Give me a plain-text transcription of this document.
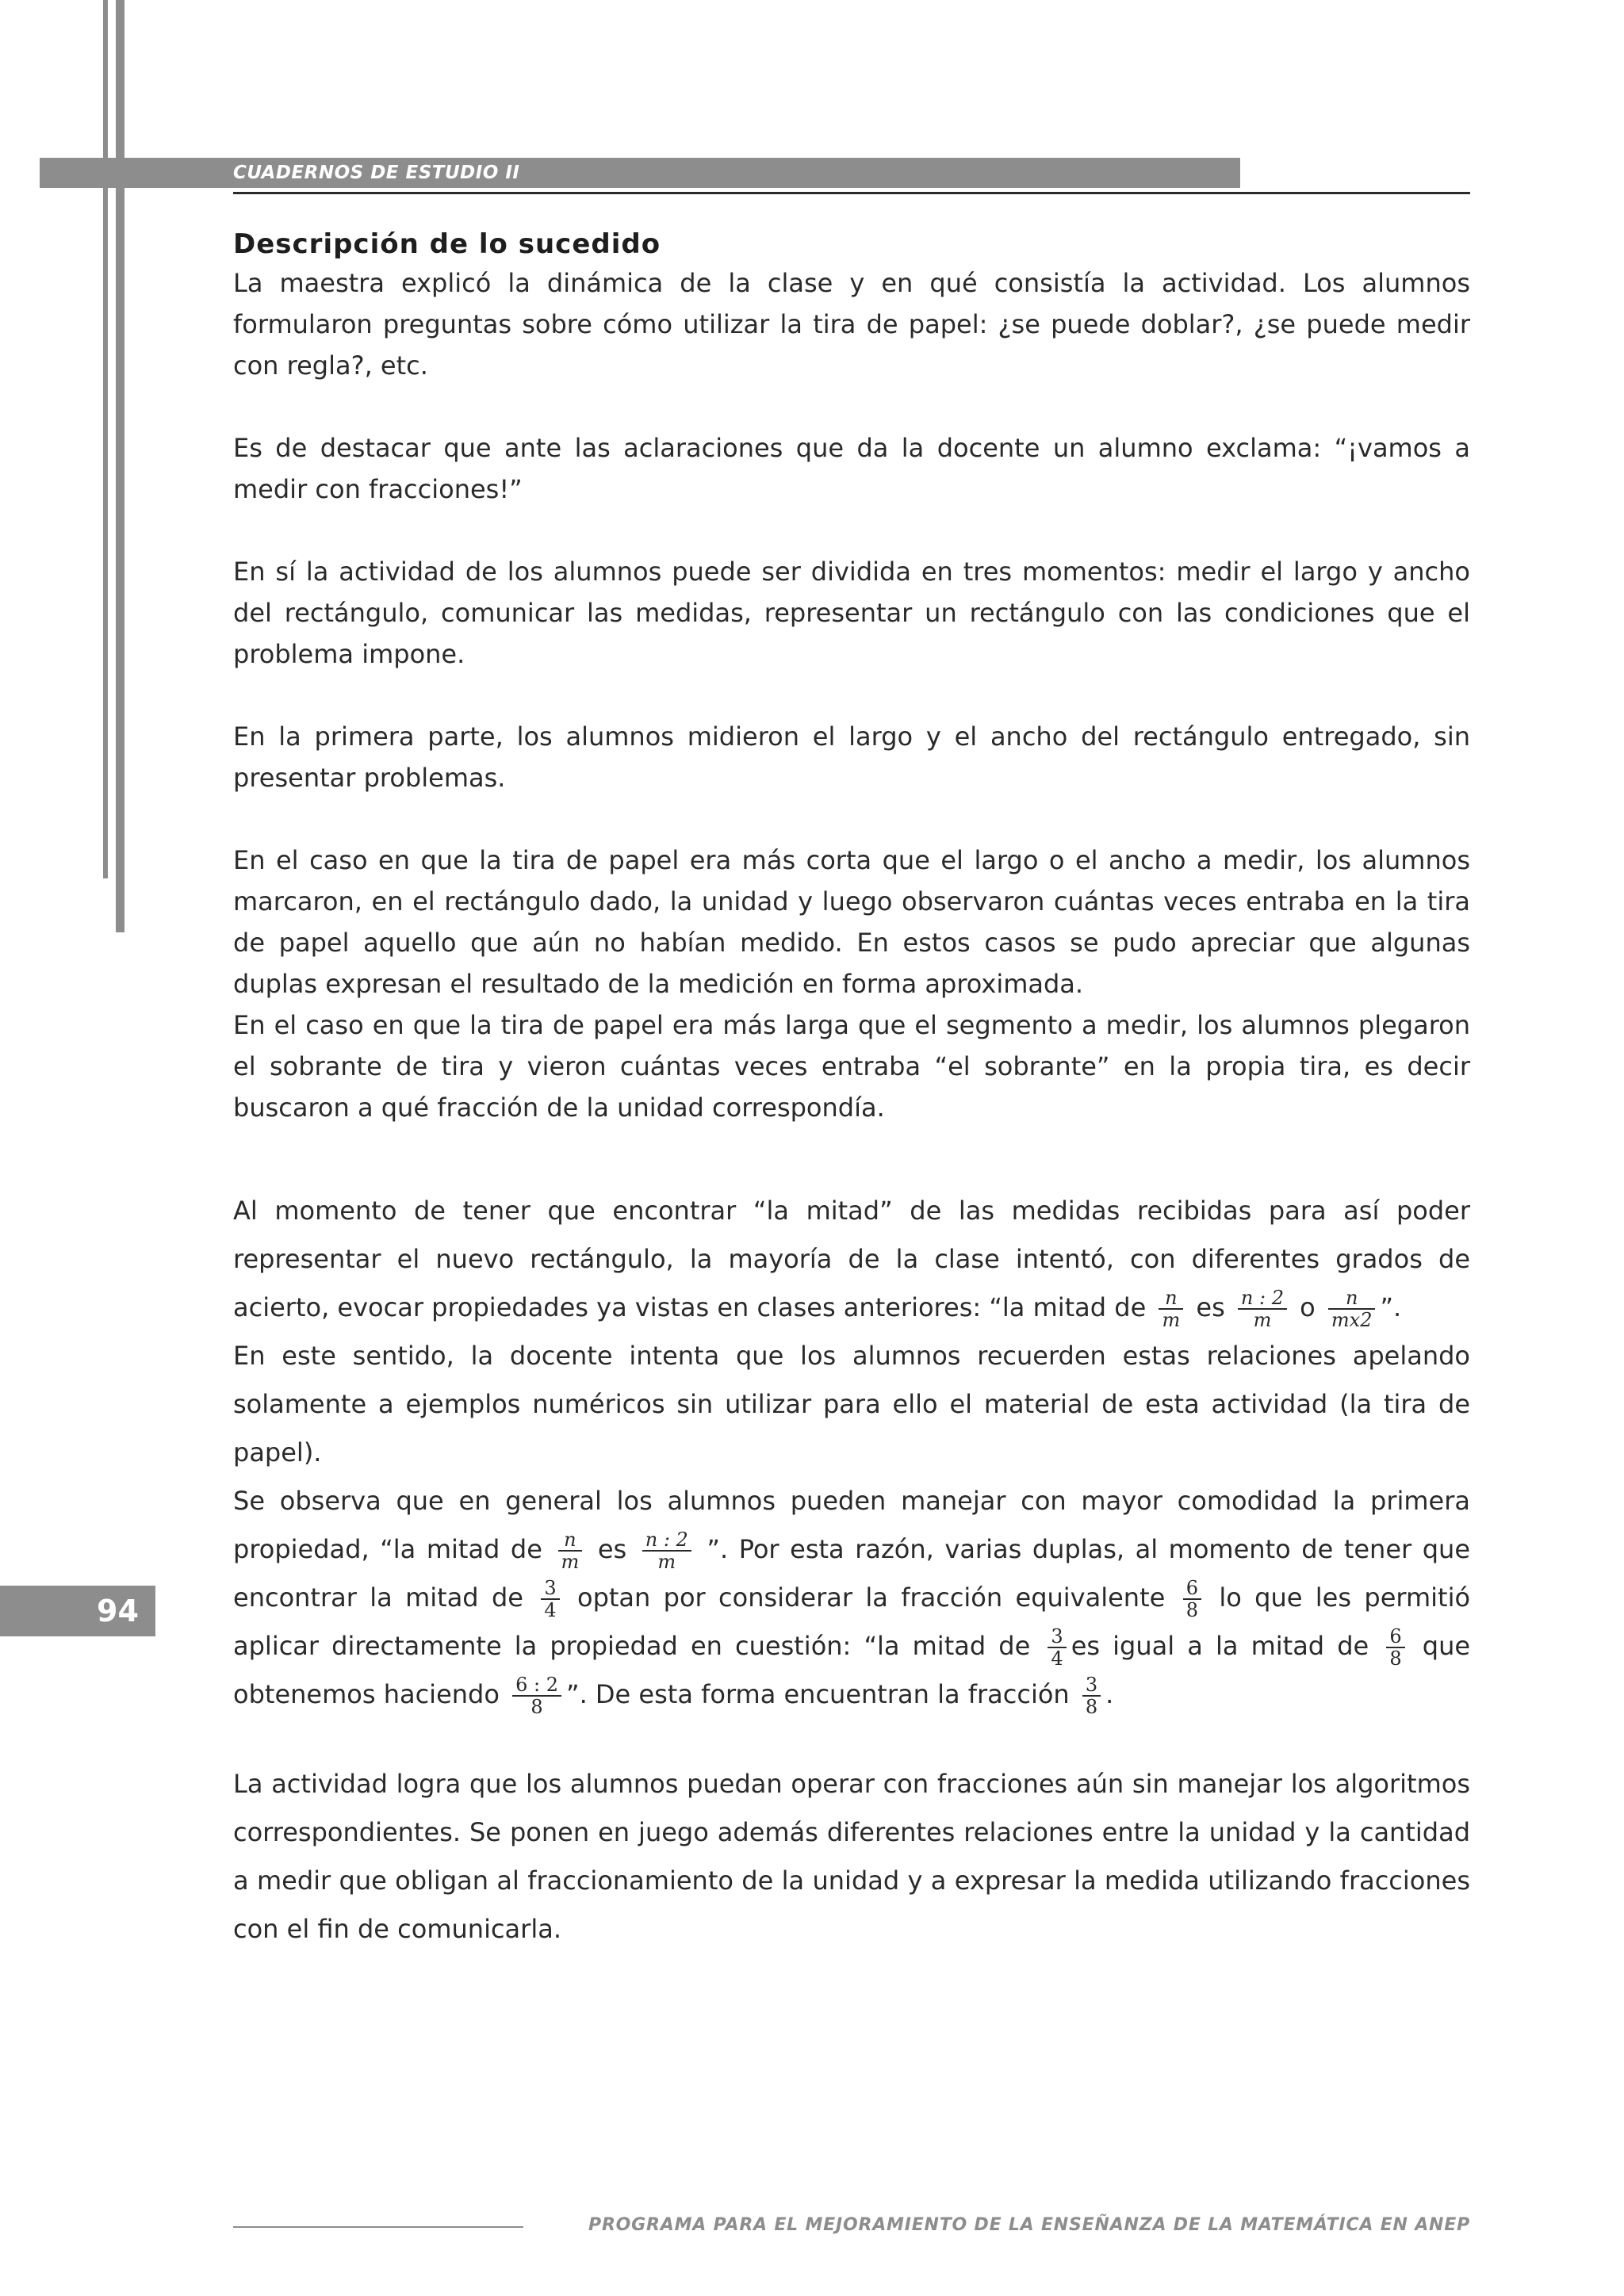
CUADERNOS DE ESTUDIO II
94
Descripción de lo sucedido

La maestra explicó la dinámica de la clase y en qué consistía la actividad. Los alumnos formularon preguntas sobre cómo utilizar la tira de papel: ¿se puede doblar?, ¿se puede medir con regla?, etc.

Es de destacar que ante las aclaraciones que da la docente un alumno exclama: “¡vamos a medir con fracciones!”

En sí la actividad de los alumnos puede ser dividida en tres momentos: medir el largo y ancho del rectángulo, comunicar las medidas, representar un rectángulo con las condiciones que el problema impone.

En la primera parte, los alumnos midieron el largo y el ancho del rectángulo entregado, sin presentar problemas.

En el caso en que la tira de papel era más corta que el largo o el ancho a medir, los alumnos marcaron, en el rectángulo dado, la unidad y luego observaron cuántas veces entraba en la tira de papel aquello que aún no habían medido. En estos casos se pudo apreciar que algunas duplas expresan el resultado de la medición en forma aproximada.

En el caso en que la tira de papel era más larga que el segmento a medir, los alumnos plegaron el sobrante de tira y vieron cuántas veces entraba “el sobrante” en la propia tira, es decir buscaron a qué fracción de la unidad correspondía.

Al momento de tener que encontrar “la mitad” de las medidas recibidas para así poder representar el nuevo rectángulo, la mayoría de la clase intentó, con diferentes grados de acierto, evocar propiedades ya vistas en clases anteriores: “la mitad de $\frac{n}{m}$ es $\frac{n : 2}{m}$ o $\frac{n}{mx2}$ ”.

En este sentido, la docente intenta que los alumnos recuerden estas relaciones apelando solamente a ejemplos numéricos sin utilizar para ello el material de esta actividad (la tira de papel).

Se observa que en general los alumnos pueden manejar con mayor comodidad la primera propiedad, “la mitad de $\frac{n}{m}$ es $\frac{n : 2}{m}$ ”. Por esta razón, varias duplas, al momento de tener que encontrar la mitad de $\frac{3}{4}$ optan por considerar la fracción equivalente $\frac{6}{8}$ lo que les permitió aplicar directamente la propiedad en cuestión: “la mitad de $\frac{3}{4}$ es igual a la mitad de $\frac{6}{8}$ que obtenemos haciendo $\frac{6 : 2}{8}$ ”. De esta forma encuentran la fracción $\frac{3}{8}$ .

La actividad logra que los alumnos puedan operar con fracciones aún sin manejar los algoritmos correspondientes. Se ponen en juego además diferentes relaciones entre la unidad y la cantidad a medir que obligan al fraccionamiento de la unidad y a expresar la medida utilizando fracciones con el fin de comunicarla.

PROGRAMA PARA EL MEJORAMIENTO DE LA ENSEÑANZA DE LA MATEMÁTICA EN ANEP
